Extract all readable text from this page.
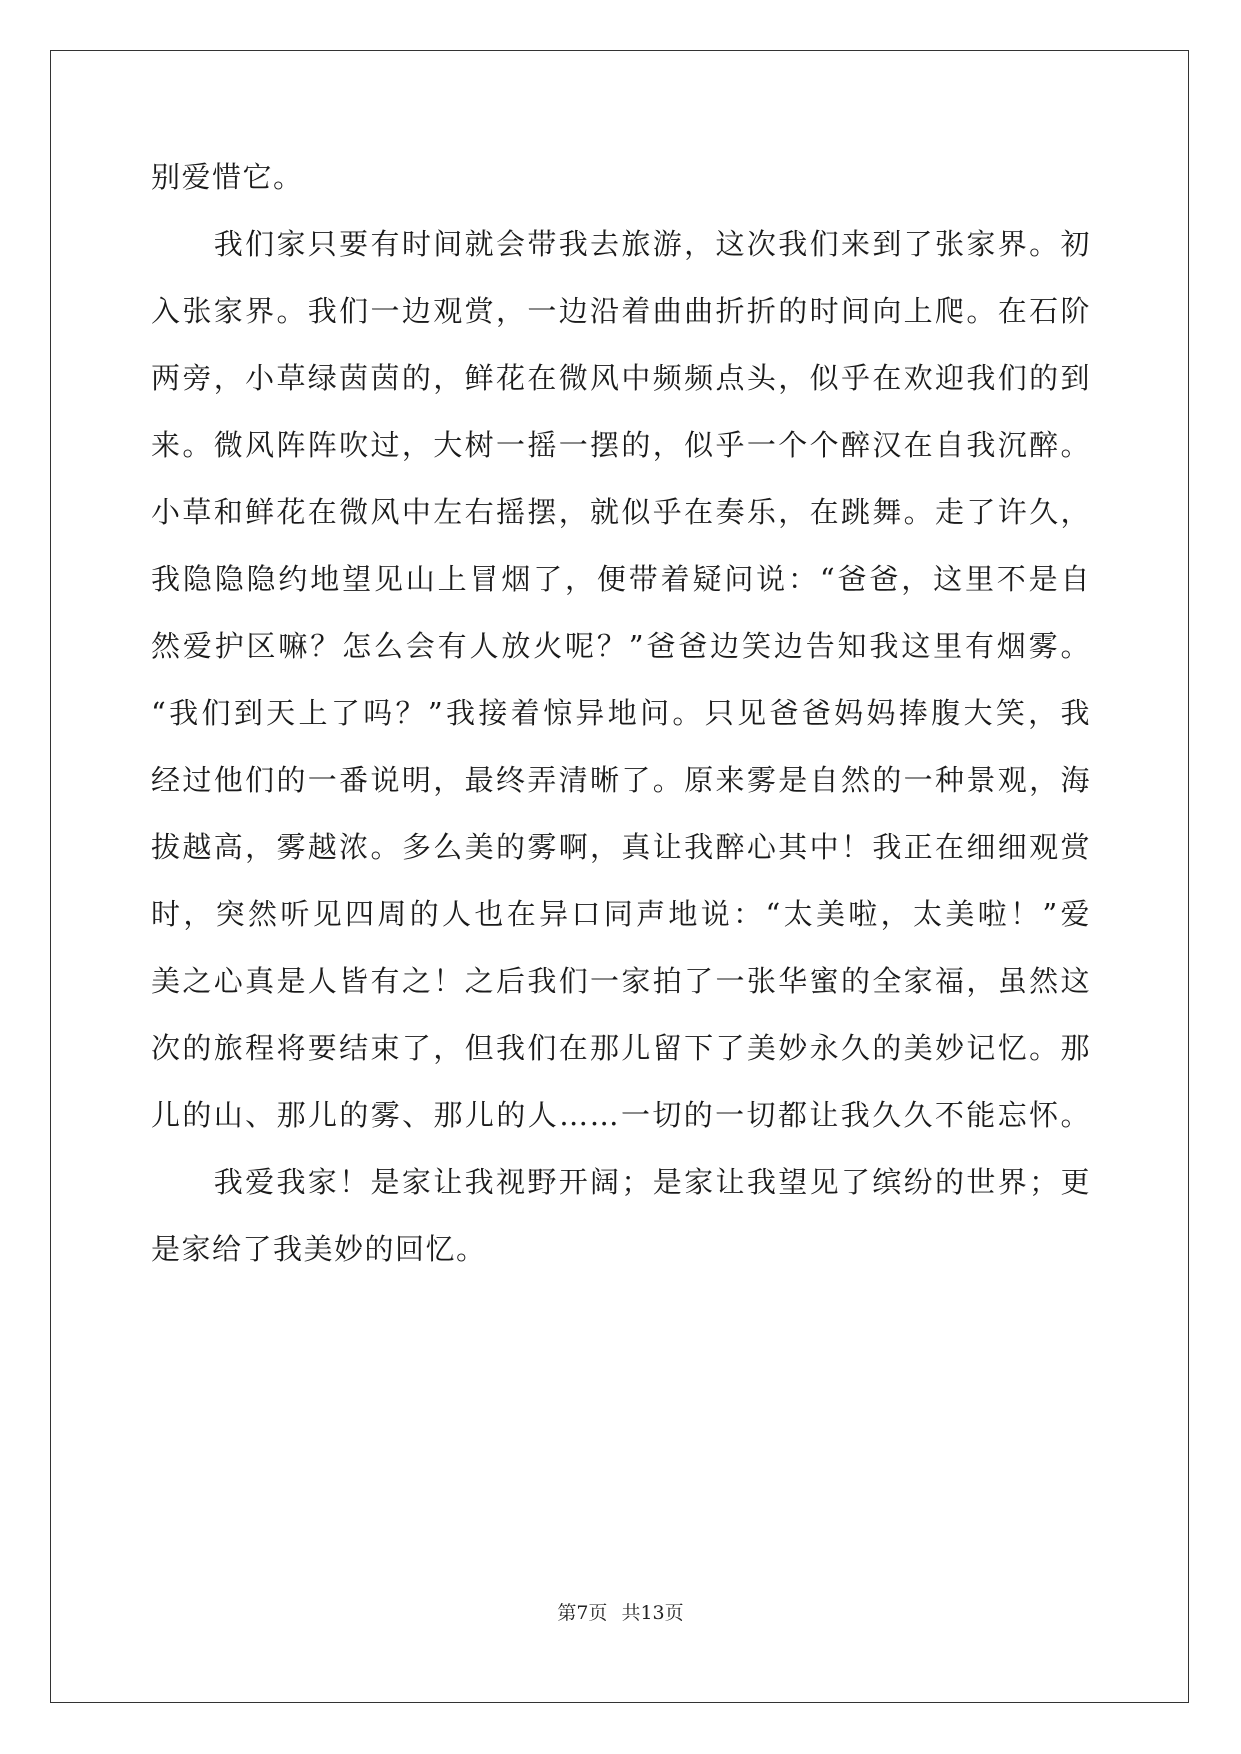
别爱惜它。
　　我们家只要有时间就会带我去旅游，这次我们来到了张家界。初
入张家界。我们一边观赏，一边沿着曲曲折折的时间向上爬。在石阶
两旁，小草绿茵茵的，鲜花在微风中频频点头，似乎在欢迎我们的到
来。微风阵阵吹过，大树一摇一摆的，似乎一个个醉汉在自我沉醉。
小草和鲜花在微风中左右摇摆，就似乎在奏乐，在跳舞。走了许久，
我隐隐隐约地望见山上冒烟了，便带着疑问说：“爸爸，这里不是自
然爱护区嘛？怎么会有人放火呢？”爸爸边笑边告知我这里有烟雾。
“我们到天上了吗？”我接着惊异地问。只见爸爸妈妈捧腹大笑，我
经过他们的一番说明，最终弄清晰了。原来雾是自然的一种景观，海
拔越高，雾越浓。多么美的雾啊，真让我醉心其中！我正在细细观赏
时，突然听见四周的人也在异口同声地说：“太美啦，太美啦！”爱
美之心真是人皆有之！之后我们一家拍了一张华蜜的全家福，虽然这
次的旅程将要结束了，但我们在那儿留下了美妙永久的美妙记忆。那
儿的山、那儿的雾、那儿的人……一切的一切都让我久久不能忘怀。
　　我爱我家！是家让我视野开阔；是家让我望见了缤纷的世界；更
是家给了我美妙的回忆。
第7页 共13页
